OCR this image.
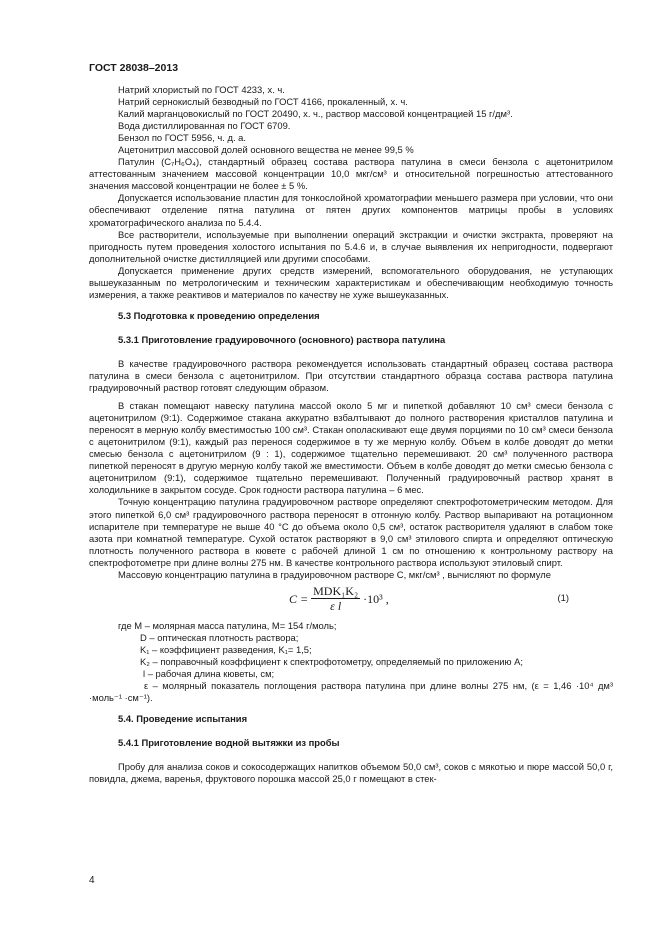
ГОСТ 28038–2013

Натрий хлористый по ГОСТ 4233, х. ч.

Натрий сернокислый безводный по ГОСТ 4166, прокаленный, х. ч.

Калий марганцовокислый по ГОСТ 20490, х. ч., раствор массовой концентрацией 15 г/дм³.

Вода дистиллированная по ГОСТ 6709.

Бензол по ГОСТ 5956, ч. д. а.

Ацетонитрил массовой долей основного вещества не менее 99,5 %

Патулин (C₇H₆O₄), стандартный образец состава раствора патулина в смеси бензола с ацетонитрилом аттестованным значением массовой концентрации 10,0 мкг/см³ и относительной погрешностью аттестованного значения массовой концентрации не более ± 5 %.

Допускается использование пластин для тонкослойной хроматографии меньшего размера при условии, что они обеспечивают отделение пятна патулина от пятен других компонентов матрицы пробы в условиях хроматографического анализа по 5.4.4.

Все растворители, используемые при выполнении операций экстракции и очистки экстракта, проверяют на пригодность путем проведения холостого испытания по 5.4.6 и, в случае выявления их непригодности, подвергают дополнительной очистке дистилляцией или другими способами.

Допускается применение других средств измерений, вспомогательного оборудования, не уступающих вышеуказанным по метрологическим и техническим характеристикам и обеспечивающим необходимую точность измерения, а также реактивов и материалов по качеству не хуже вышеуказанных.

5.3 Подготовка к проведению определения

5.3.1 Приготовление градуировочного (основного) раствора патулина

В качестве градуировочного раствора рекомендуется использовать стандартный образец состава раствора патулина в смеси бензола с ацетонитрилом. При отсутствии стандартного образца состава раствора патулина градуировочный раствор готовят следующим образом.

В стакан помещают навеску патулина массой около 5 мг и пипеткой добавляют 10 см³ смеси бензола с ацетонитрилом (9:1). Содержимое стакана аккуратно взбалтывают до полного растворения кристаллов патулина и переносят в мерную колбу вместимостью 100 см³. Стакан ополаскивают еще двумя порциями по 10 см³ смеси бензола с ацетонитрилом (9:1), каждый раз перенося содержимое в ту же мерную колбу. Объем в колбе доводят до метки смесью бензола с ацетонитрилом (9 : 1), содержимое тщательно перемешивают. 20 см³ полученного раствора пипеткой переносят в другую мерную колбу такой же вместимости. Объем в колбе доводят до метки смесью бензола с ацетонитрилом (9:1), содержимое тщательно перемешивают. Полученный градуировочный раствор хранят в холодильнике в закрытом сосуде. Срок годности раствора патулина – 6 мес.

Точную концентрацию патулина градуировочном растворе определяют спектрофотометрическим методом. Для этого пипеткой 6,0 см³ градуировочного раствора переносят в отгонную колбу. Раствор выпаривают на ротационном испарителе при температуре не выше 40 °С до объема около 0,5 см³, остаток растворителя удаляют в слабом токе азота при комнатной температуре. Сухой остаток растворяют в 9,0 см³ этилового спирта и определяют оптическую плотность полученного раствора в кювете с рабочей длиной 1 см по отношению к контрольному раствору на спектрофотометре при длине волны 275 нм. В качестве контрольного раствора используют этиловый спирт.

Массовую концентрацию патулина в градуировочном растворе C, мкг/см³ , вычисляют по формуле

$C = \frac{\text{MDK₁K₂}}{\text{ε l}} \cdot 10^3$ ,	(1)

где M – молярная масса патулина, M= 154 г/моль;

D – оптическая плотность раствора;

K₁ – коэффициент разведения, K₁= 1,5;

K₂ – поправочный коэффициент к спектрофотометру, определяемый по приложению А;

l – рабочая длина кюветы, см;

ε – молярный показатель поглощения раствора патулина при длине волны 275 нм, (ε = 1,46 ·10⁴ дм³ ·моль⁻¹ ·см⁻¹).

5.4. Проведение испытания

5.4.1 Приготовление водной вытяжки из пробы

Пробу для анализа соков и сокосодержащих напитков объемом 50,0 см³, соков с мякотью и пюре массой 50,0 г, повидла, джема, варенья, фруктового порошка массой 25,0 г помещают в стек-

4
